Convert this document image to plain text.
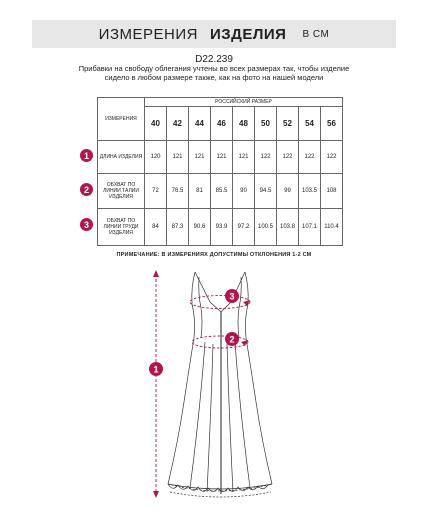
ИЗМЕРЕНИЯ ИЗДЕЛИЯ В СМ
D22.239
Прибавки на свободу облегания учтены во всех размерах так, чтобы изделие сидело в любом размере также, как на фото на нашей модели
ИЗМЕРЕНИЯ	РОССИЙСКИЙ РАЗМЕР								
	40	42	44	46	48	50	52	54	56
ДЛИНА ИЗДЕЛИЯ	120	121	121	121	121	122	122	122	122
ОБХВАТ ПО ЛИНИИ ТАЛИИ ИЗДЕЛИЯ	72	76.5	81	85.5	90	94.5	99	103.5	108
ОБХВАТ ПО ЛИНИИ ГРУДИ ИЗДЕЛИЯ	84	87.3	90.6	93.9	97.2	100.5	103.8	107.1	110.4
1
2
3
ПРИМЕЧАНИЕ: В ИЗМЕРЕНИЯХ ДОПУСТИМЫ ОТКЛОНЕНИЯ 1-2 СМ
1
2
3
